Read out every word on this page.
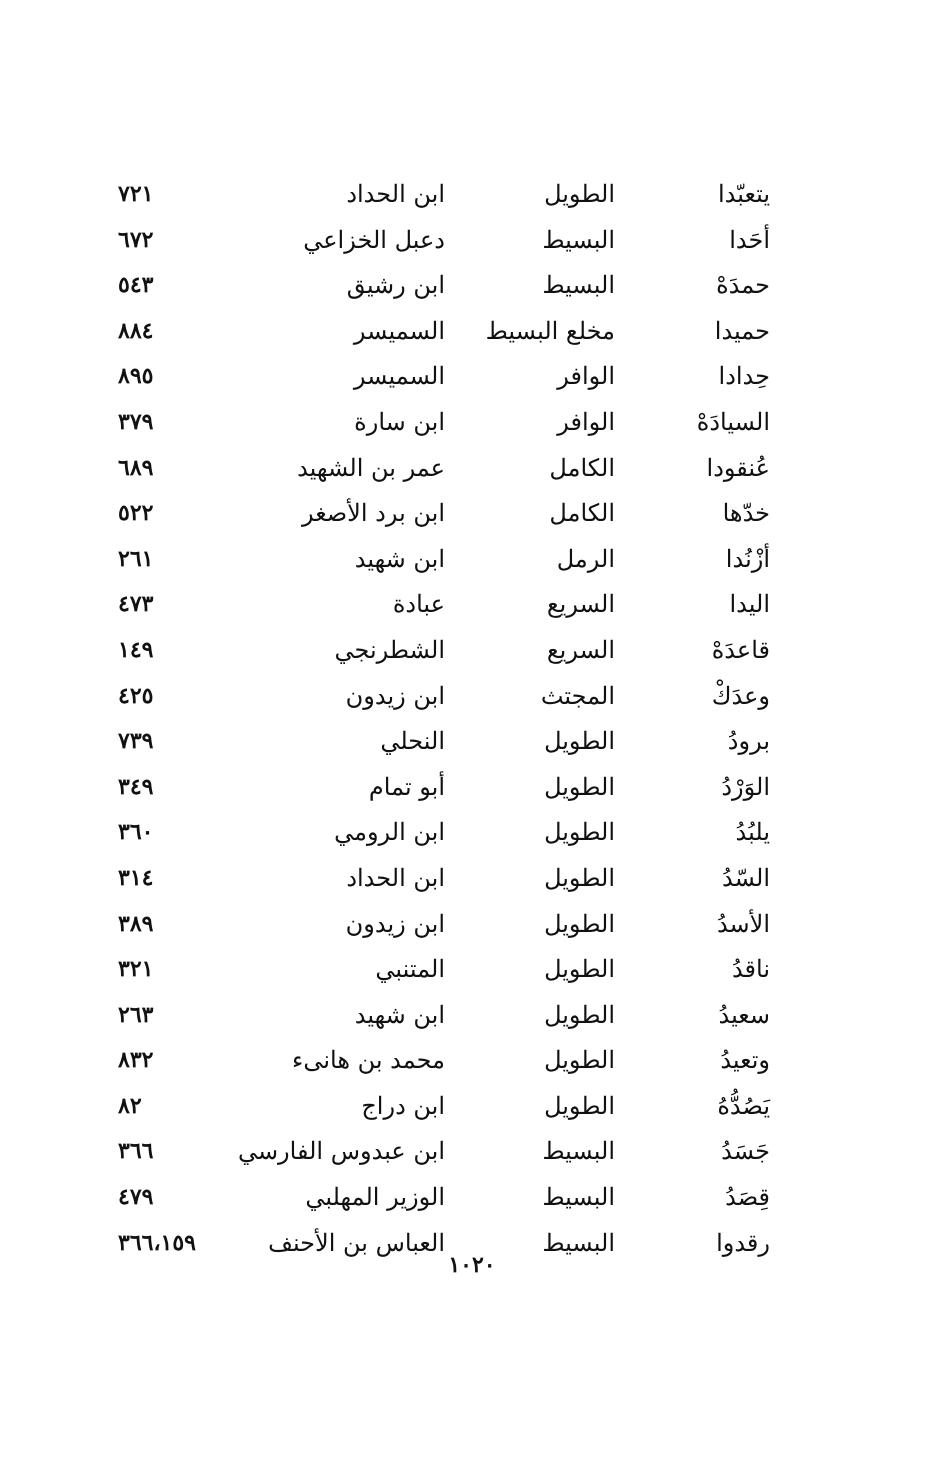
يتعبّدا
الطويل
ابن الحداد
٧٢١
أحَدا
البسيط
دعبل الخزاعي
٦٧٢
حمدَهْ
البسيط
ابن رشيق
٥٤٣
حميدا
مخلع البسيط
السميسر
٨٨٤
حِدادا
الوافر
السميسر
٨٩٥
السيادَهْ
الوافر
ابن سارة
٣٧٩
عُنقودا
الكامل
عمر بن الشهيد
٦٨٩
خدّها
الكامل
ابن برد الأصغر
٥٢٢
أزْنُدا
الرمل
ابن شهيد
٢٦١
اليدا
السريع
عبادة
٤٧٣
قاعدَهْ
السريع
الشطرنجي
١٤٩
وعدَكْ
المجتث
ابن زيدون
٤٢٥
برودُ
الطويل
النحلي
٧٣٩
الوَرْدُ
الطويل
أبو تمام
٣٤٩
يلبُدُ
الطويل
ابن الرومي
٣٦٠
السّدُ
الطويل
ابن الحداد
٣١٤
الأسدُ
الطويل
ابن زيدون
٣٨٩
ناقدُ
الطويل
المتنبي
٣٢١
سعيدُ
الطويل
ابن شهيد
٢٦٣
وتعيدُ
الطويل
محمد بن هانىء
٨٣٢
يَصُدُّهُ
الطويل
ابن دراج
٨٢
جَسَدُ
البسيط
ابن عبدوس الفارسي
٣٦٦
قِصَدُ
البسيط
الوزير المهلبي
٤٧٩
رقدوا
البسيط
العباس بن الأحنف
٣٦٦،١٥٩
١٠٢٠
